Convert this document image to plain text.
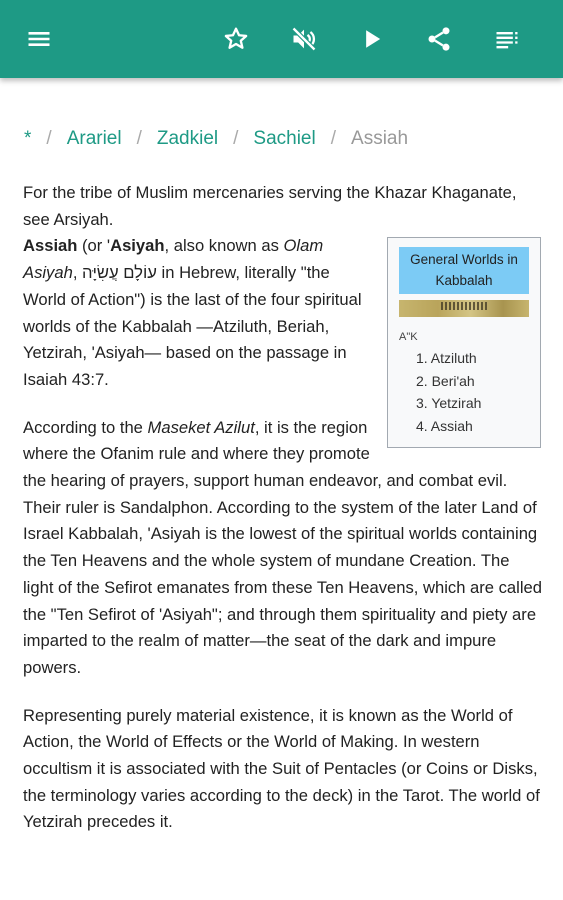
* / Arariel / Zadkiel / Sachiel / Assiah

For the tribe of Muslim mercenaries serving the Khazar Khaganate, see Arsiyah.

General Worlds in Kabbalah
A"K
1. Atziluth
2. Beri'ah
3. Yetzirah
4. Assiah

Assiah (or 'Asiyah, also known as Olam Asiyah, עוֹלָם עֲשִׂיָּה in Hebrew, literally "the World of Action") is the last of the four spiritual worlds of the Kabbalah —Atziluth, Beriah, Yetzirah, 'Asiyah— based on the passage in Isaiah 43:7.

According to the Maseket Azilut, it is the region where the Ofanim rule and where they promote the hearing of prayers, support human endeavor, and combat evil. Their ruler is Sandalphon. According to the system of the later Land of Israel Kabbalah, 'Asiyah is the lowest of the spiritual worlds containing the Ten Heavens and the whole system of mundane Creation. The light of the Sefirot emanates from these Ten Heavens, which are called the "Ten Sefirot of 'Asiyah"; and through them spirituality and piety are imparted to the realm of matter—the seat of the dark and impure powers.

Representing purely material existence, it is known as the World of Action, the World of Effects or the World of Making. In western occultism it is associated with the Suit of Pentacles (or Coins or Disks, the terminology varies according to the deck) in the Tarot. The world of Yetzirah precedes it.
